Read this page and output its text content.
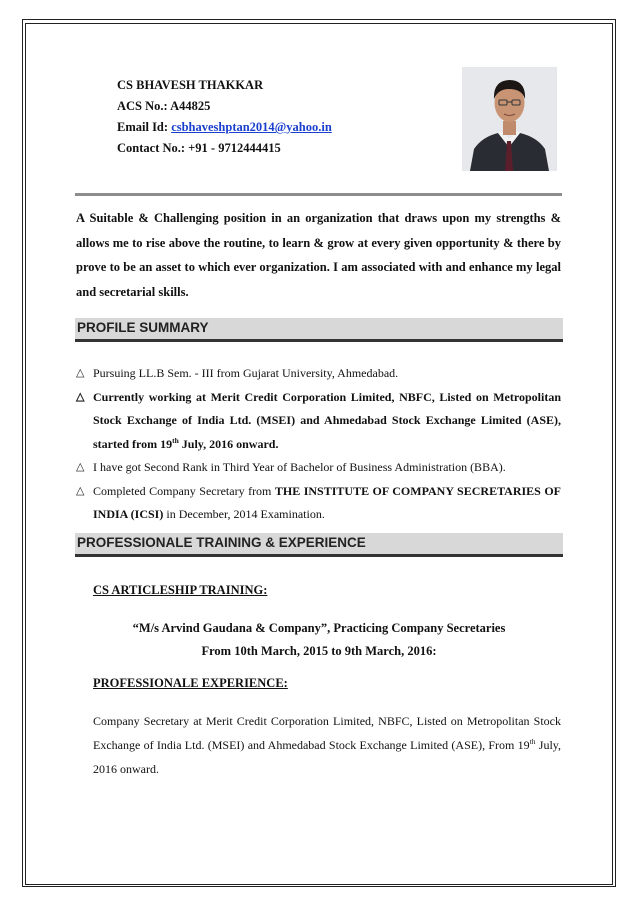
CS BHAVESH THAKKAR
ACS No.: A44825
Email Id: csbhaveshptan2014@yahoo.in
Contact No.: +91 - 9712444415
A Suitable & Challenging position in an organization that draws upon my strengths & allows me to rise above the routine, to learn & grow at every given opportunity & there by prove to be an asset to which ever organization. I am associated with and enhance my legal and secretarial skills.
PROFILE SUMMARY
△ Pursuing LL.B Sem. - III from Gujarat University, Ahmedabad.
△ Currently working at Merit Credit Corporation Limited, NBFC, Listed on Metropolitan Stock Exchange of India Ltd. (MSEI) and Ahmedabad Stock Exchange Limited (ASE), started from 19th July, 2016 onward.
△ I have got Second Rank in Third Year of Bachelor of Business Administration (BBA).
△ Completed Company Secretary from THE INSTITUTE OF COMPANY SECRETARIES OF INDIA (ICSI) in December, 2014 Examination.
PROFESSIONALE TRAINING & EXPERIENCE
CS ARTICLESHIP TRAINING:
“M/s Arvind Gaudana & Company”, Practicing Company Secretaries
From 10th March, 2015 to 9th March, 2016:
PROFESSIONALE EXPERIENCE:
Company Secretary at Merit Credit Corporation Limited, NBFC, Listed on Metropolitan Stock Exchange of India Ltd. (MSEI) and Ahmedabad Stock Exchange Limited (ASE), From 19th July, 2016 onward.
